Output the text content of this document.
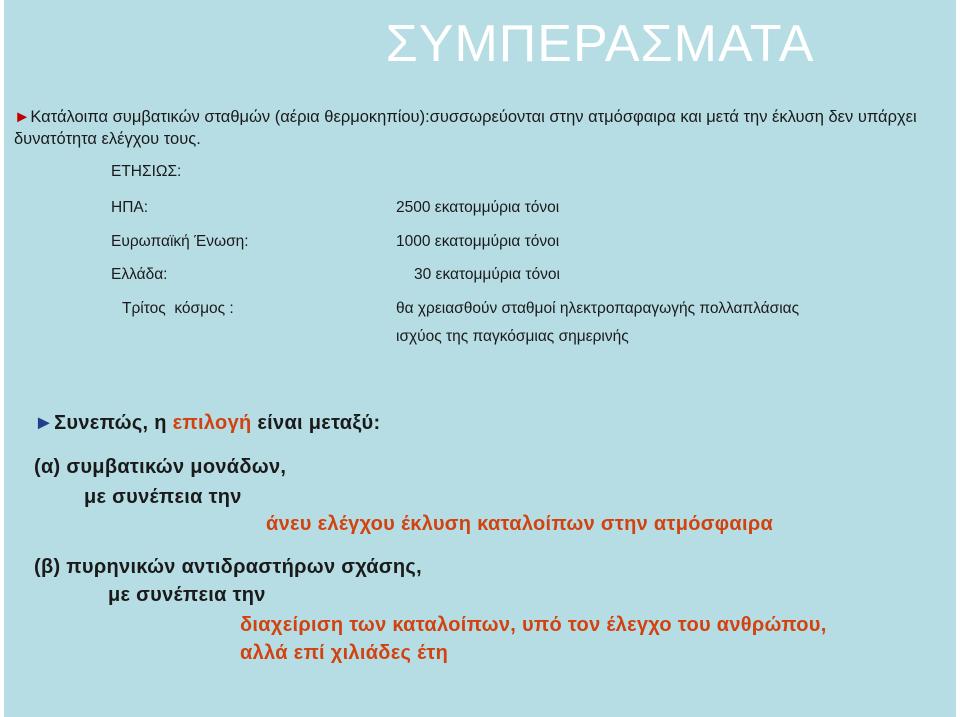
ΣΥΜΠΕΡΑΣΜΑΤΑ
►Κατάλοιπα συμβατικών σταθμών (αέρια θερμοκηπίου):συσσωρεύονται στην ατμόσφαιρα και μετά την έκλυση δεν υπάρχει δυνατότητα ελέγχου τους.
ΕΤΗΣΙΩΣ:
ΗΠΑ:	2500 εκατομμύρια τόνοι
Ευρωπαϊκή Ένωση:	1000 εκατομμύρια τόνοι
Ελλάδα:	30 εκατομμύρια τόνοι
Τρίτος  κόσμος :	θα χρειασθούν σταθμοί ηλεκτροπαραγωγής πολλαπλάσιας
ισχύος της παγκόσμιας σημερινής
►Συνεπώς, η επιλογή είναι μεταξύ:
(α) συμβατικών μονάδων,
με συνέπεια την
άνευ ελέγχου έκλυση καταλοίπων στην ατμόσφαιρα
(β) πυρηνικών αντιδραστήρων σχάσης,
με συνέπεια την
διαχείριση των καταλοίπων, υπό τον έλεγχο του ανθρώπου,
αλλά επί χιλιάδες έτη
